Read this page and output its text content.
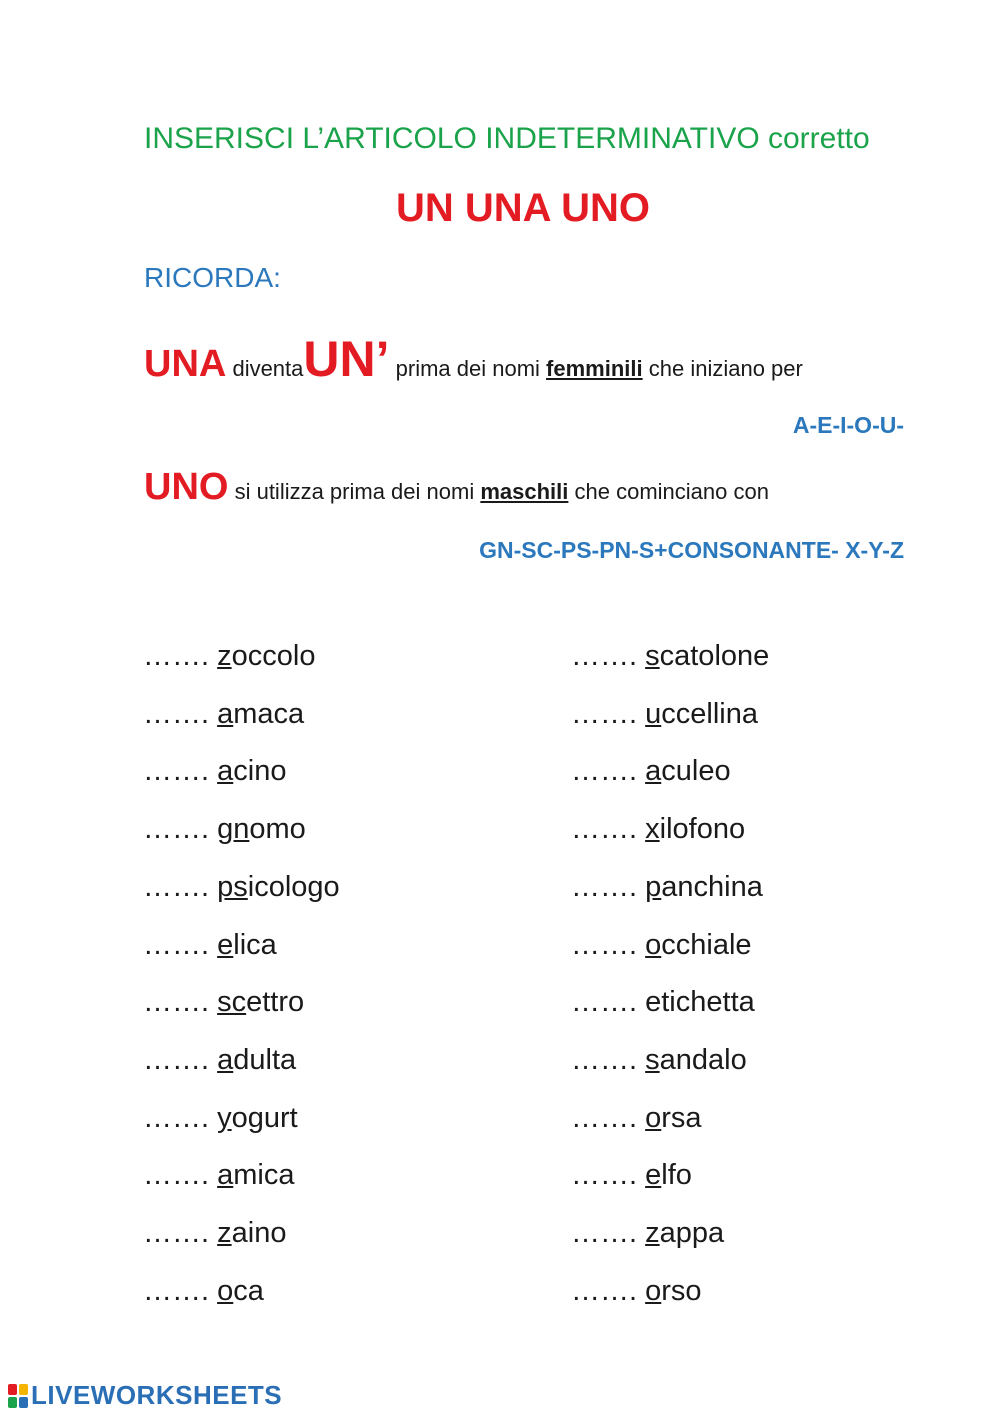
INSERISCI L’ARTICOLO INDETERMINATIVO corretto
UN UNA UNO
RICORDA:
UNA diventaUN’ prima dei nomi femminili che iniziano per
A-E-I-O-U-
UNO si utilizza prima dei nomi maschili che cominciano con
GN-SC-PS-PN-S+CONSONANTE- X-Y-Z
……. zoccolo
……. amaca
……. acino
……. gnomo
……. psicologo
……. elica
……. scettro
……. adulta
……. yogurt
……. amica
……. zaino
……. oca
……. scatolone
……. uccellina
……. aculeo
……. xilofono
……. panchina
……. occhiale
……. etichetta
……. sandalo
……. orsa
……. elfo
……. zappa
……. orso
LIVEWORKSHEETS
